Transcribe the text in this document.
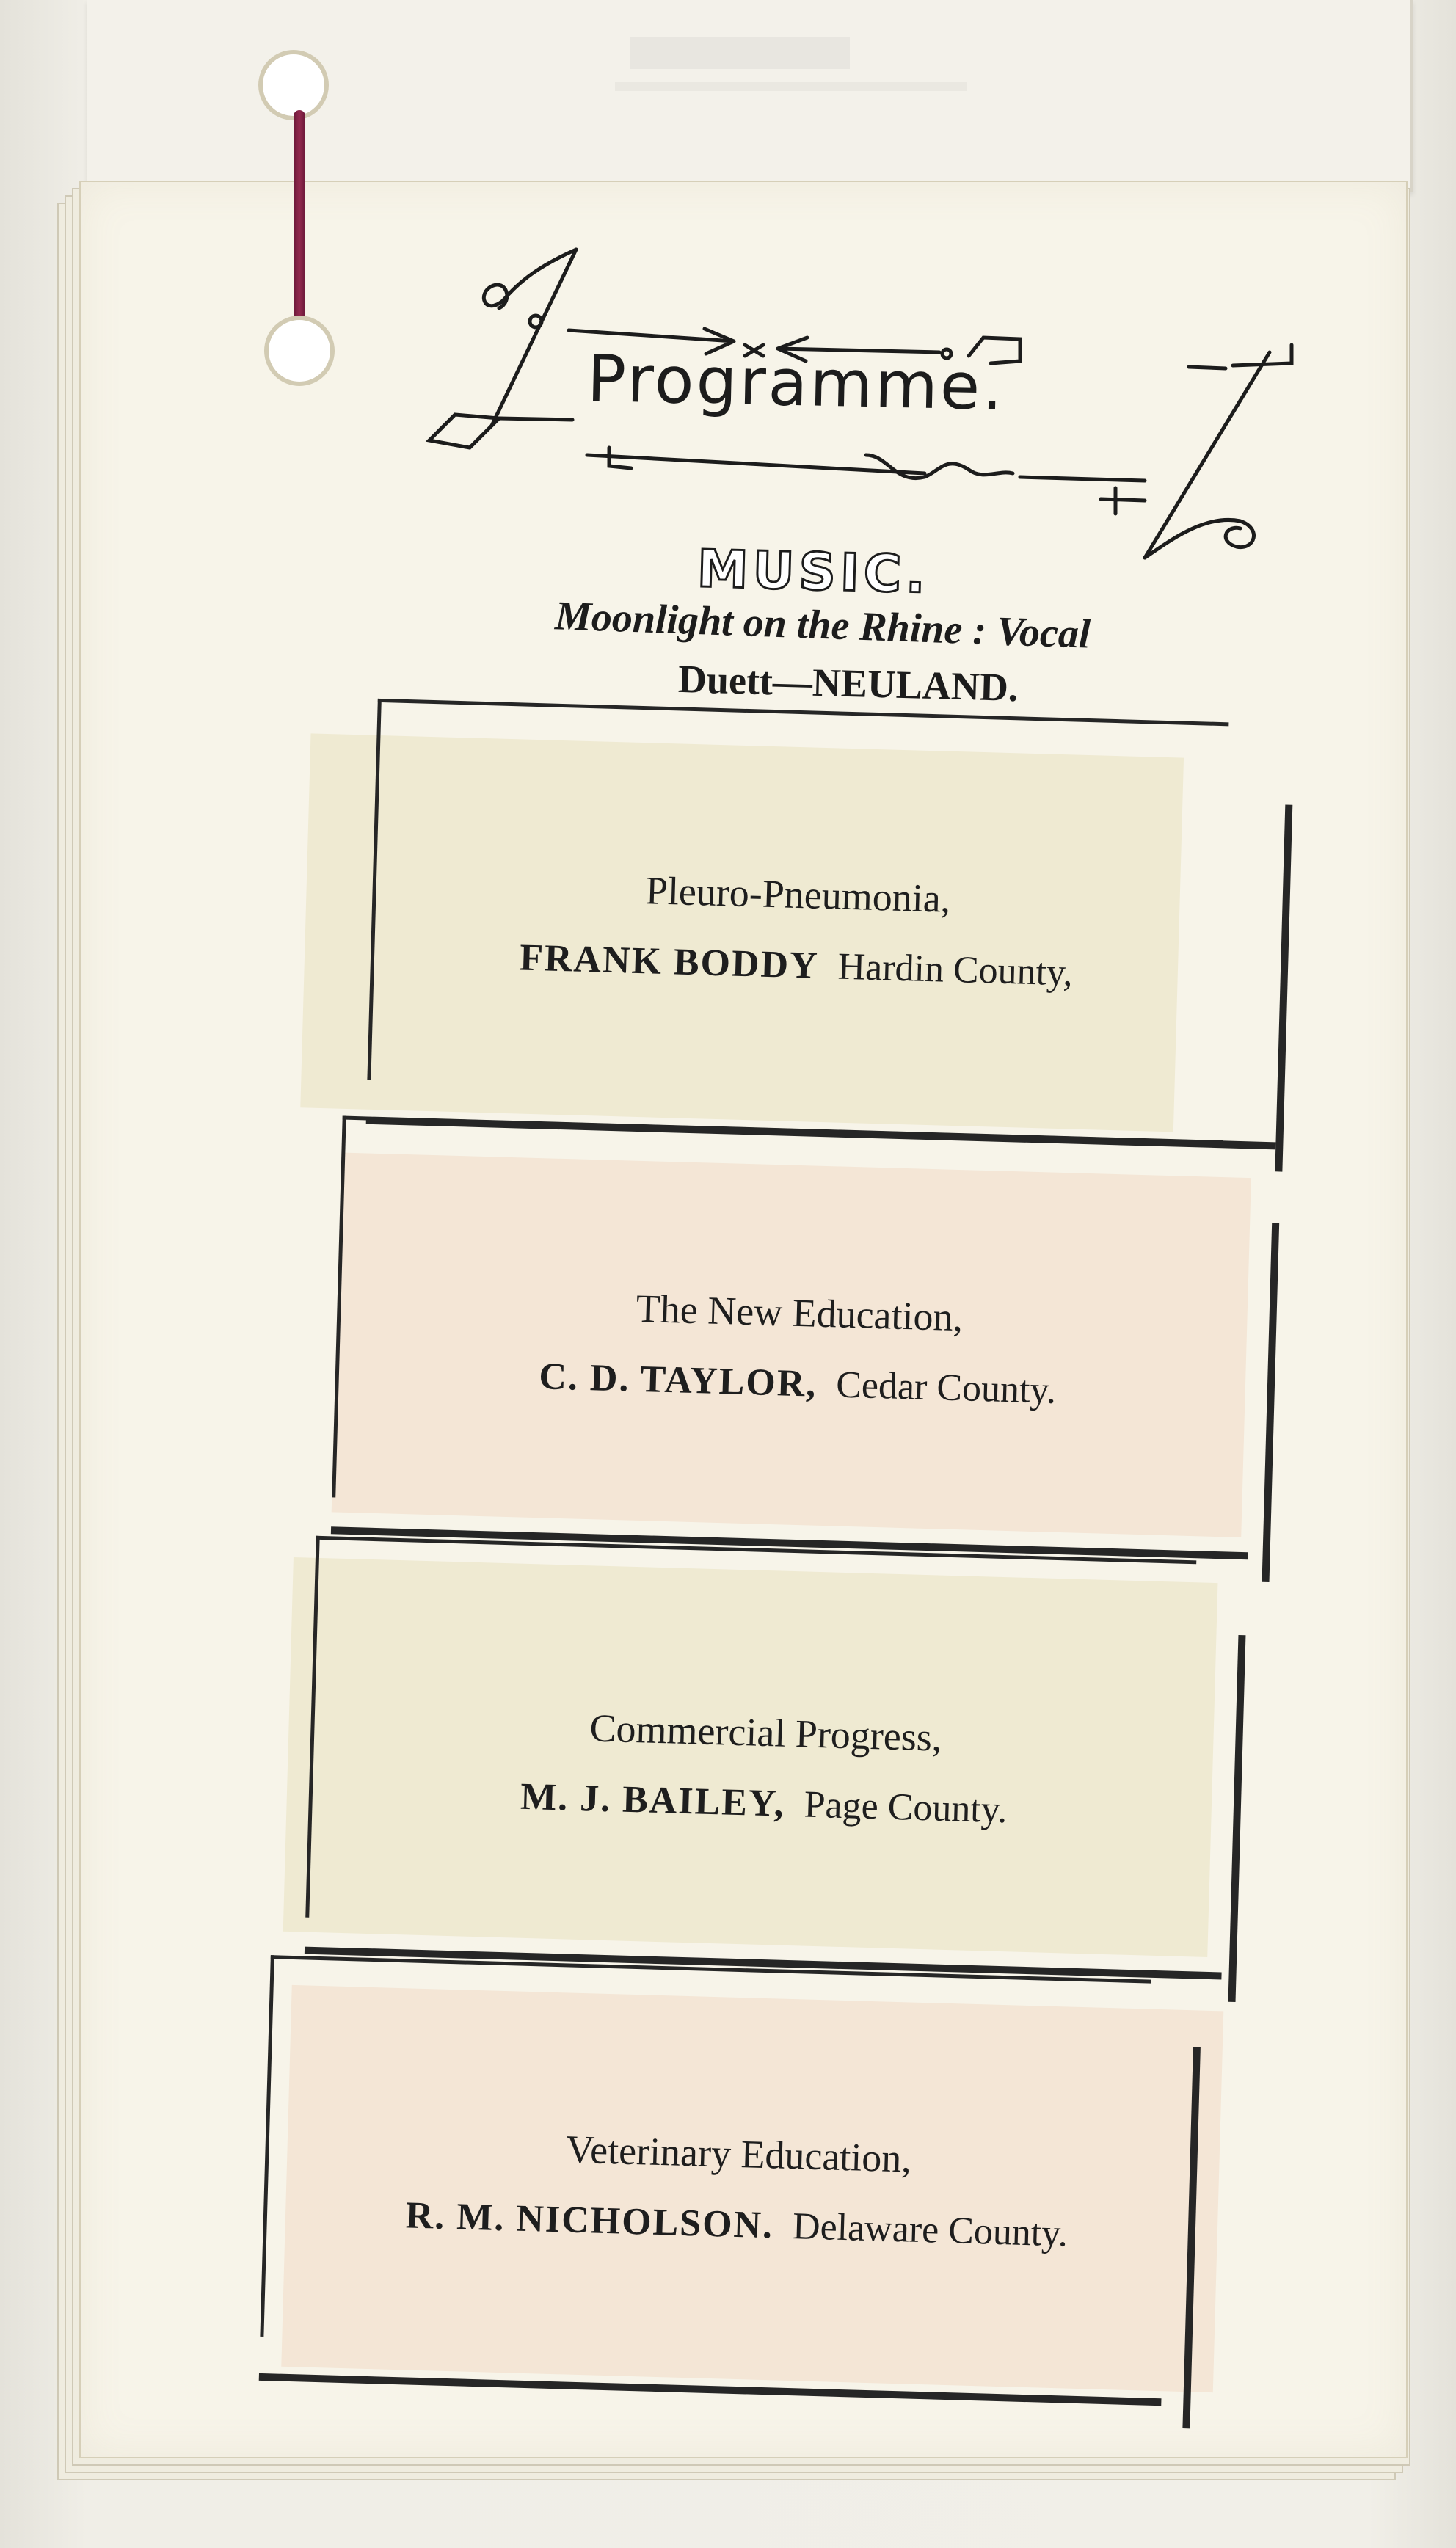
Programme.
MUSIC.
Moonlight on the Rhine : Vocal
Duett—NEULAND.
Pleuro-Pneumonia,
FRANK BODDY Hardin County,
The New Education,
C. D. TAYLOR, Cedar County.
Commercial Progress,
M. J. BAILEY, Page County.
Veterinary Education,
R. M. NICHOLSON. Delaware County.
